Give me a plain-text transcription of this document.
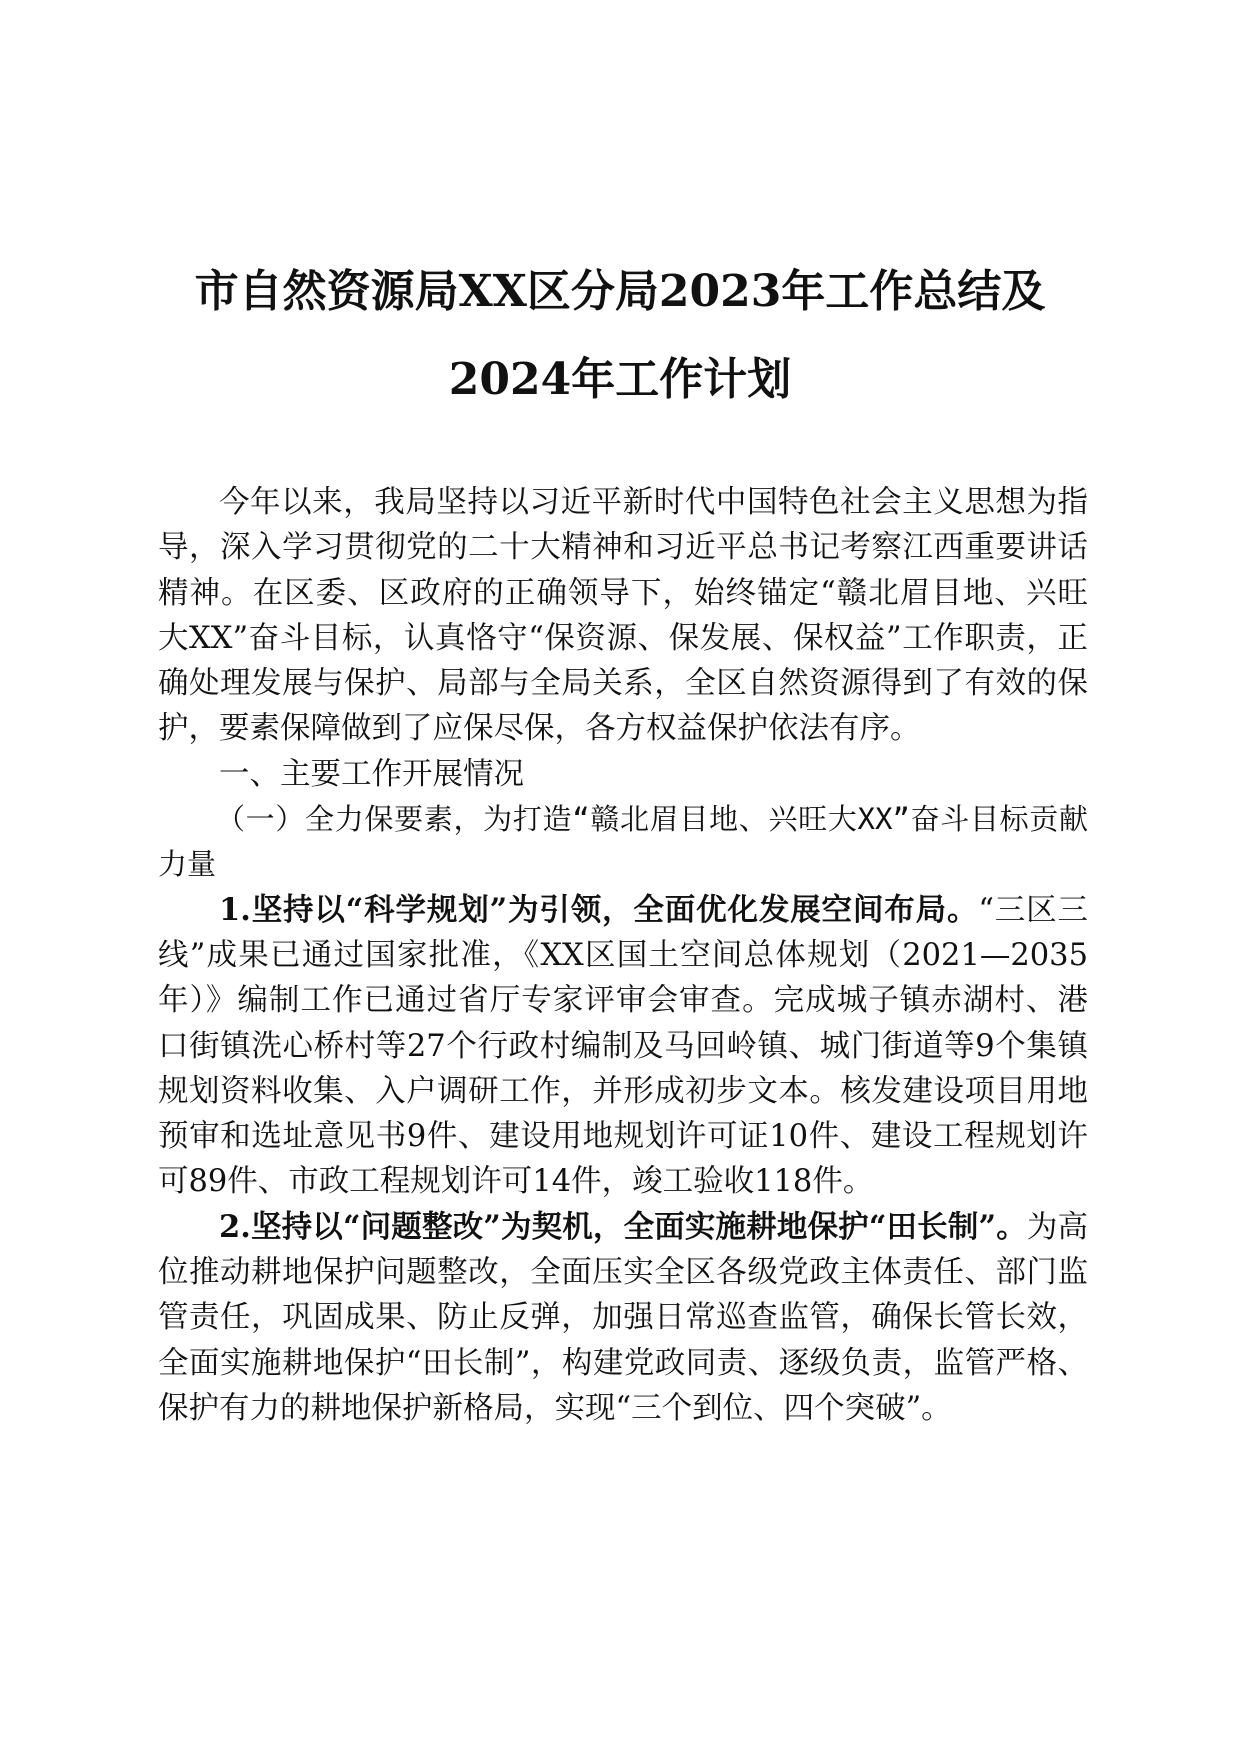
市自然资源局XX区分局2023年工作总结及
2024年工作计划

今年以来，我局坚持以习近平新时代中国特色社会主义思想为指导，深入学习贯彻党的二十大精神和习近平总书记考察江西重要讲话精神。在区委、区政府的正确领导下，始终锚定“赣北眉目地、兴旺大XX”奋斗目标，认真恪守“保资源、保发展、保权益”工作职责，正确处理发展与保护、局部与全局关系，全区自然资源得到了有效的保护，要素保障做到了应保尽保，各方权益保护依法有序。

一、主要工作开展情况

（一）全力保要素，为打造“赣北眉目地、兴旺大XX”奋斗目标贡献力量

1.坚持以“科学规划”为引领，全面优化发展空间布局。“三区三线”成果已通过国家批准，《XX区国土空间总体规划（2021—2035年）》编制工作已通过省厅专家评审会审查。完成城子镇赤湖村、港口街镇洗心桥村等27个行政村编制及马回岭镇、城门街道等9个集镇规划资料收集、入户调研工作，并形成初步文本。核发建设项目用地预审和选址意见书9件、建设用地规划许可证10件、建设工程规划许可89件、市政工程规划许可14件，竣工验收118件。

2.坚持以“问题整改”为契机，全面实施耕地保护“田长制”。为高位推动耕地保护问题整改，全面压实全区各级党政主体责任、部门监管责任，巩固成果、防止反弹，加强日常巡查监管，确保长管长效，全面实施耕地保护“田长制”，构建党政同责、逐级负责，监管严格、保护有力的耕地保护新格局，实现“三个到位、四个突破”。
